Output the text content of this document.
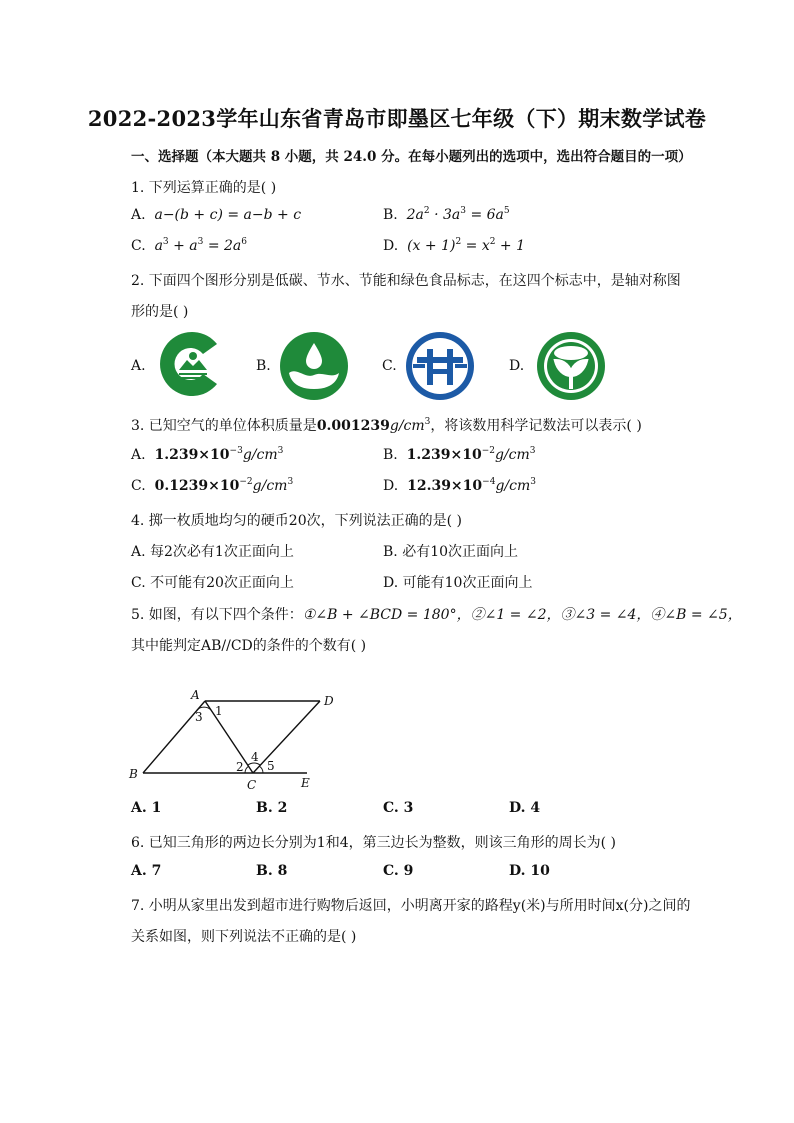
2022-2023学年山东省青岛市即墨区七年级（下）期末数学试卷
一、选择题（本大题共 8 小题，共 24.0 分。在每小题列出的选项中，选出符合题目的一项）
1. 下列运算正确的是( )
A.  a−(b + c) = a−b + c	B.  $2a^2 \cdot 3a^3 = 6a^5$
C.  $a^3 + a^3 = 2a^6$	D.  $(x + 1)^2 = x^2 + 1$
2. 下面四个图形分别是低碳、节水、节能和绿色食品标志，在这四个标志中，是轴对称图
形的是( )
A.	B.	C.	D.
3. 已知空气的单位体积质量是$0.001239g/cm^3$，将该数用科学记数法可以表示( )
A. $1.239\times 10^{-3}g/cm^3$	B. $1.239\times 10^{-2}g/cm^3$
C. $0.1239\times 10^{-2}g/cm^3$	D. $12.39\times 10^{-4}g/cm^3$
4. 掷一枚质地均匀的硬币20次，下列说法正确的是( )
A. 每2次必有1次正面向上	B. 必有10次正面向上
C. 不可能有20次正面向上	D. 可能有10次正面向上
5. 如图，有以下四个条件：①∠B + ∠BCD = 180°，②∠1 = ∠2，③∠3 = ∠4，④∠B = ∠5，
其中能判定AB//CD的条件的个数有( )
A	D
B
C	E
1
2
3
4
5
A. 1	B. 2	C. 3	D. 4
6. 已知三角形的两边长分别为1和4，第三边长为整数，则该三角形的周长为( )
A. 7	B. 8	C. 9	D. 10
7. 小明从家里出发到超市进行购物后返回，小明离开家的路程y(米)与所用时间x(分)之间的
关系如图，则下列说法不正确的是( )
